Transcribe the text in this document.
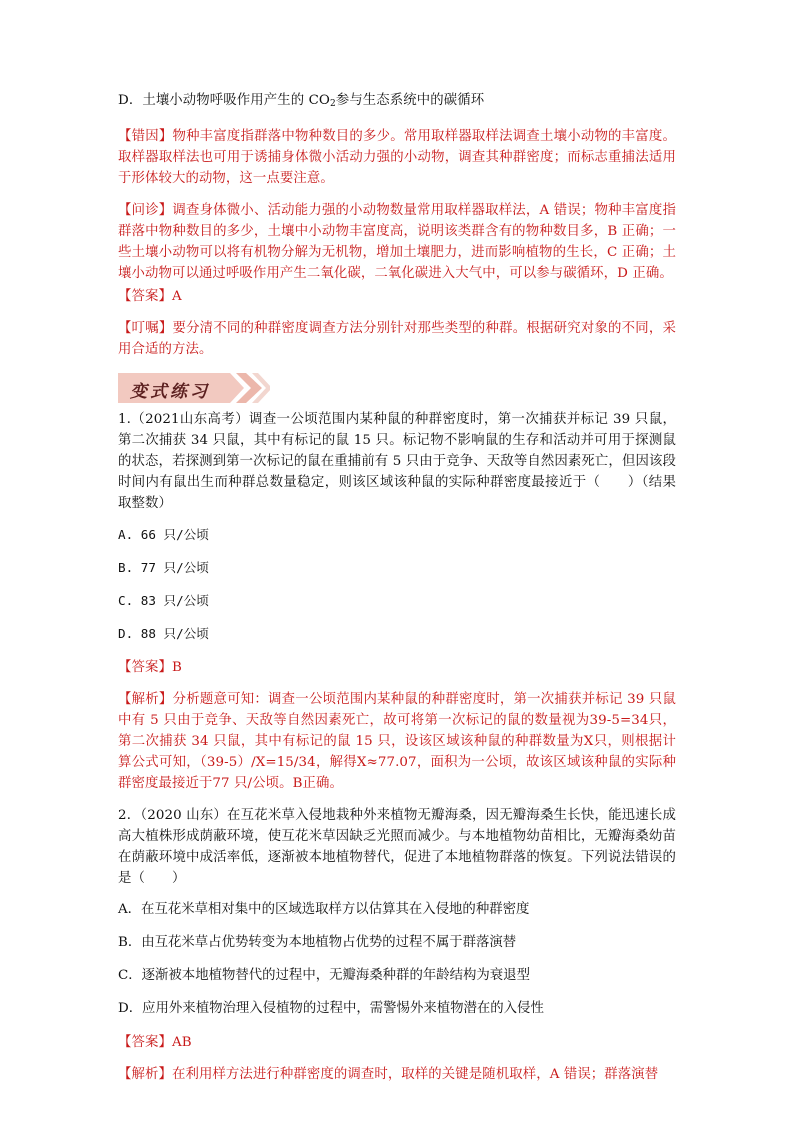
D．土壤小动物呼吸作用产生的 $CO_2$参与生态系统中的碳循环

【错因】物种丰富度指群落中物种数目的多少。常用取样器取样法调查土壤小动物的丰富度。取样器取样法也可用于诱捕身体微小活动力强的小动物，调查其种群密度；而标志重捕法适用于形体较大的动物，这一点要注意。

【问诊】调查身体微小、活动能力强的小动物数量常用取样器取样法，A 错误；物种丰富度指群落中物种数目的多少，土壤中小动物丰富度高，说明该类群含有的物种数目多，B 正确；一些土壤小动物可以将有机物分解为无机物，增加土壤肥力，进而影响植物的生长，C 正确；土壤小动物可以通过呼吸作用产生二氧化碳，二氧化碳进入大气中，可以参与碳循环，D 正确。

【答案】A

【叮嘱】要分清不同的种群密度调查方法分别针对那些类型的种群。根据研究对象的不同，采用合适的方法。

变式练习

1.（2021山东高考）调查一公顷范围内某种鼠的种群密度时，第一次捕获并标记 39 只鼠，第二次捕获 34 只鼠，其中有标记的鼠 15 只。标记物不影响鼠的生存和活动并可用于探测鼠的状态，若探测到第一次标记的鼠在重捕前有 5 只由于竞争、天敌等自然因素死亡，但因该段时间内有鼠出生而种群总数量稳定，则该区域该种鼠的实际种群密度最接近于（　　）（结果取整数）

A. 66 只/公顷

B. 77 只/公顷

C. 83 只/公顷

D. 88 只/公顷

【答案】B

【解析】分析题意可知：调查一公顷范围内某种鼠的种群密度时，第一次捕获并标记 39 只鼠中有 5 只由于竞争、天敌等自然因素死亡，故可将第一次标记的鼠的数量视为39-5=34只，第二次捕获 34 只鼠，其中有标记的鼠 15 只，设该区域该种鼠的种群数量为X只，则根据计算公式可知，（39-5）/X=15/34，解得X≈77.07，面积为一公顷，故该区域该种鼠的实际种群密度最接近于77 只/公顷。B正确。

2．（2020 山东）在互花米草入侵地栽种外来植物无瓣海桑，因无瓣海桑生长快，能迅速长成高大植株形成荫蔽环境，使互花米草因缺乏光照而减少。与本地植物幼苗相比，无瓣海桑幼苗在荫蔽环境中成活率低，逐渐被本地植物替代，促进了本地植物群落的恢复。下列说法错误的是（　　）

A．在互花米草相对集中的区域选取样方以估算其在入侵地的种群密度

B．由互花米草占优势转变为本地植物占优势的过程不属于群落演替

C．逐渐被本地植物替代的过程中，无瓣海桑种群的年龄结构为衰退型

D．应用外来植物治理入侵植物的过程中，需警惕外来植物潜在的入侵性

【答案】AB

【解析】在利用样方法进行种群密度的调查时，取样的关键是随机取样，A 错误；群落演替
